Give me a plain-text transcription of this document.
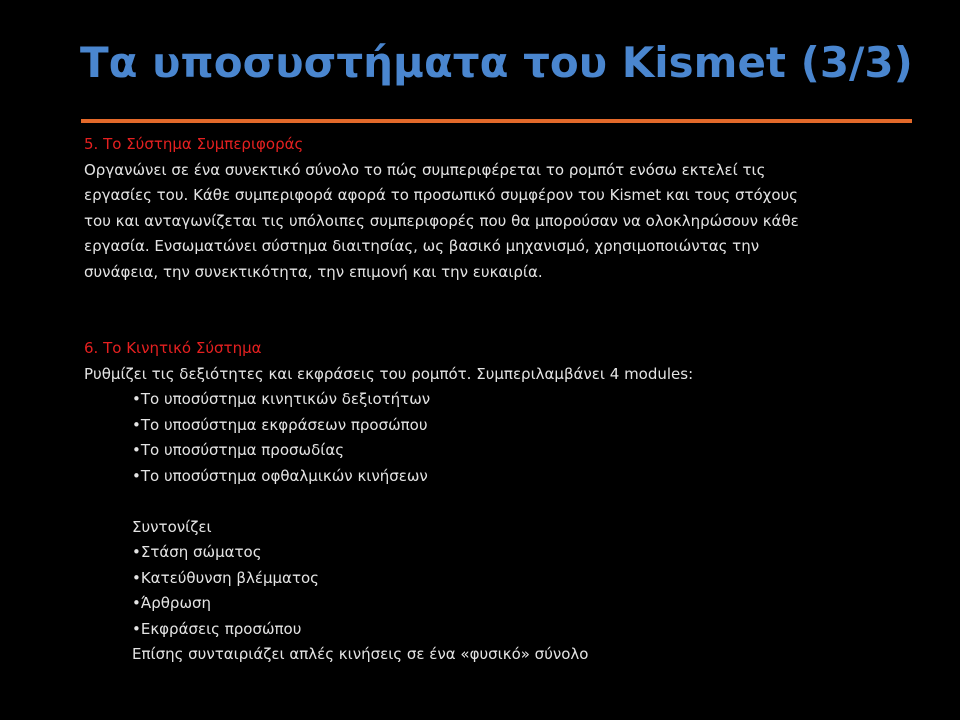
Τα υποσυστήματα του Kismet (3/3)
5. Το Σύστημα Συμπεριφοράς
Οργανώνει σε ένα συνεκτικό σύνολο το πώς συμπεριφέρεται το ρομπότ ενόσω εκτελεί τις
εργασίες του. Κάθε συμπεριφορά αφορά το προσωπικό συμφέρον του Kismet και τους στόχους
του και ανταγωνίζεται τις υπόλοιπες συμπεριφορές που θα μπορούσαν να ολοκληρώσουν κάθε
εργασία. Ενσωματώνει σύστημα διαιτησίας, ως βασικό μηχανισμό, χρησιμοποιώντας την
συνάφεια, την συνεκτικότητα, την επιμονή και την ευκαιρία.
6. Το Κινητικό Σύστημα
Ρυθμίζει τις δεξιότητες και εκφράσεις του ρομπότ. Συμπεριλαμβάνει 4 modules:
•Το υποσύστημα κινητικών δεξιοτήτων
•Το υποσύστημα εκφράσεων προσώπου
•Το υποσύστημα προσωδίας
•Το υποσύστημα οφθαλμικών κινήσεων
Συντονίζει
•Στάση σώματος
•Κατεύθυνση βλέμματος
•Άρθρωση
•Εκφράσεις προσώπου
Επίσης συνταιριάζει απλές κινήσεις σε ένα «φυσικό» σύνολο
